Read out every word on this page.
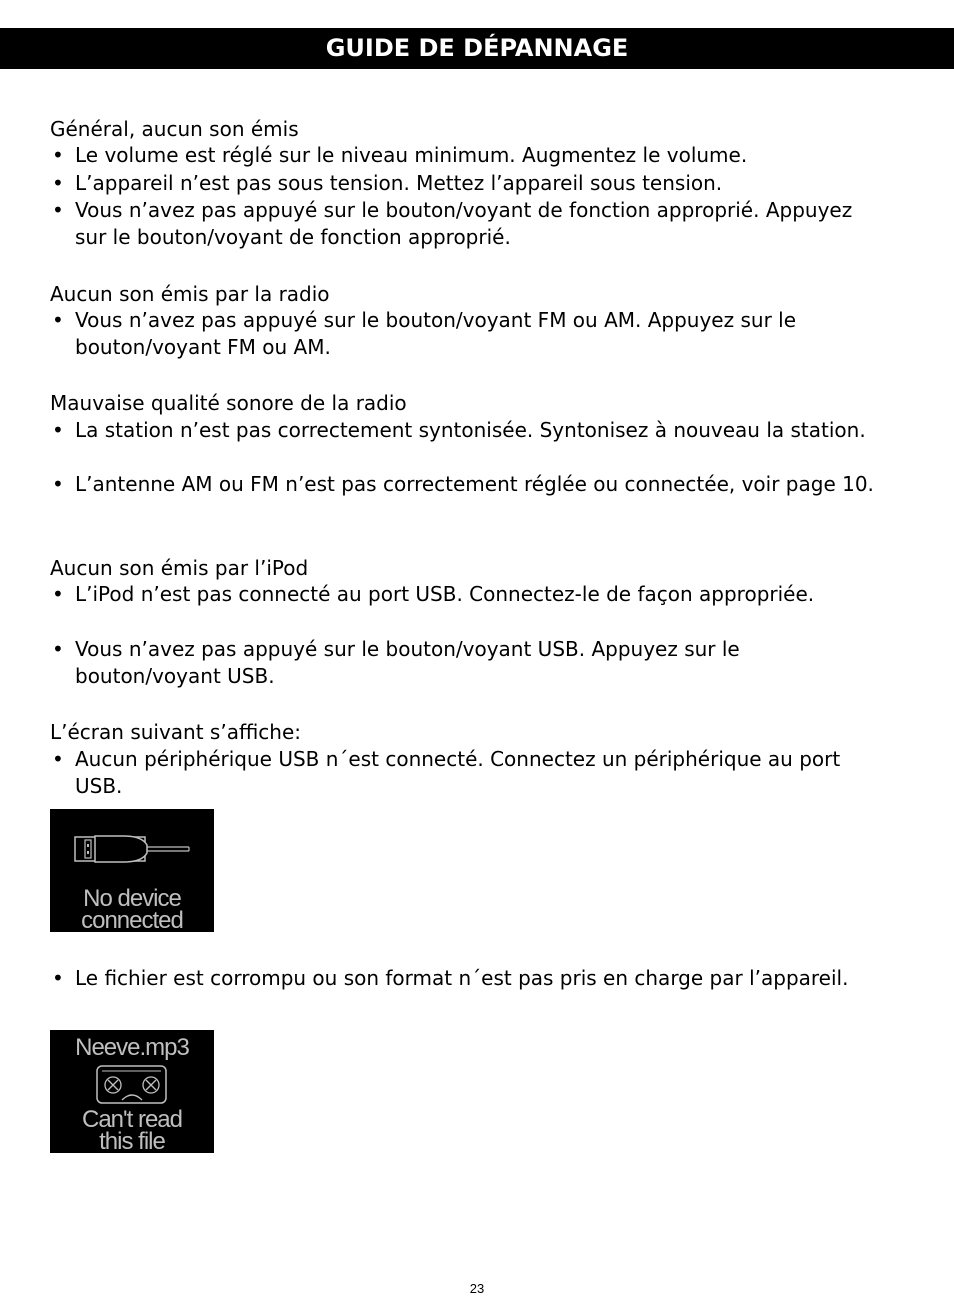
GUIDE DE DÉPANNAGE
Général, aucun son émis
• Le volume est réglé sur le niveau minimum. Augmentez le volume.
• L’appareil n’est pas sous tension. Mettez l’appareil sous tension.
• Vous n’avez pas appuyé sur le bouton/voyant de fonction approprié. Appuyez sur le bouton/voyant de fonction approprié.
Aucun son émis par la radio
• Vous n’avez pas appuyé sur le bouton/voyant FM ou AM. Appuyez sur le bouton/voyant FM ou AM.
Mauvaise qualité sonore de la radio
• La station n’est pas correctement syntonisée. Syntonisez à nouveau la station.
• L’antenne AM ou FM n’est pas correctement réglée ou connectée, voir page 10.
Aucun son émis par l’iPod
• L’iPod n’est pas connecté au port USB. Connectez-le de façon appropriée.
• Vous n’avez pas appuyé sur le bouton/voyant USB. Appuyez sur le bouton/voyant USB.
L’écran suivant s’affiche:
• Aucun périphérique USB n´est connecté. Connectez un périphérique au port USB.
No device
connected
• Le fichier est corrompu ou son format n´est pas pris en charge par l’appareil.
Neeve.mp3
Can't read
this file
23
